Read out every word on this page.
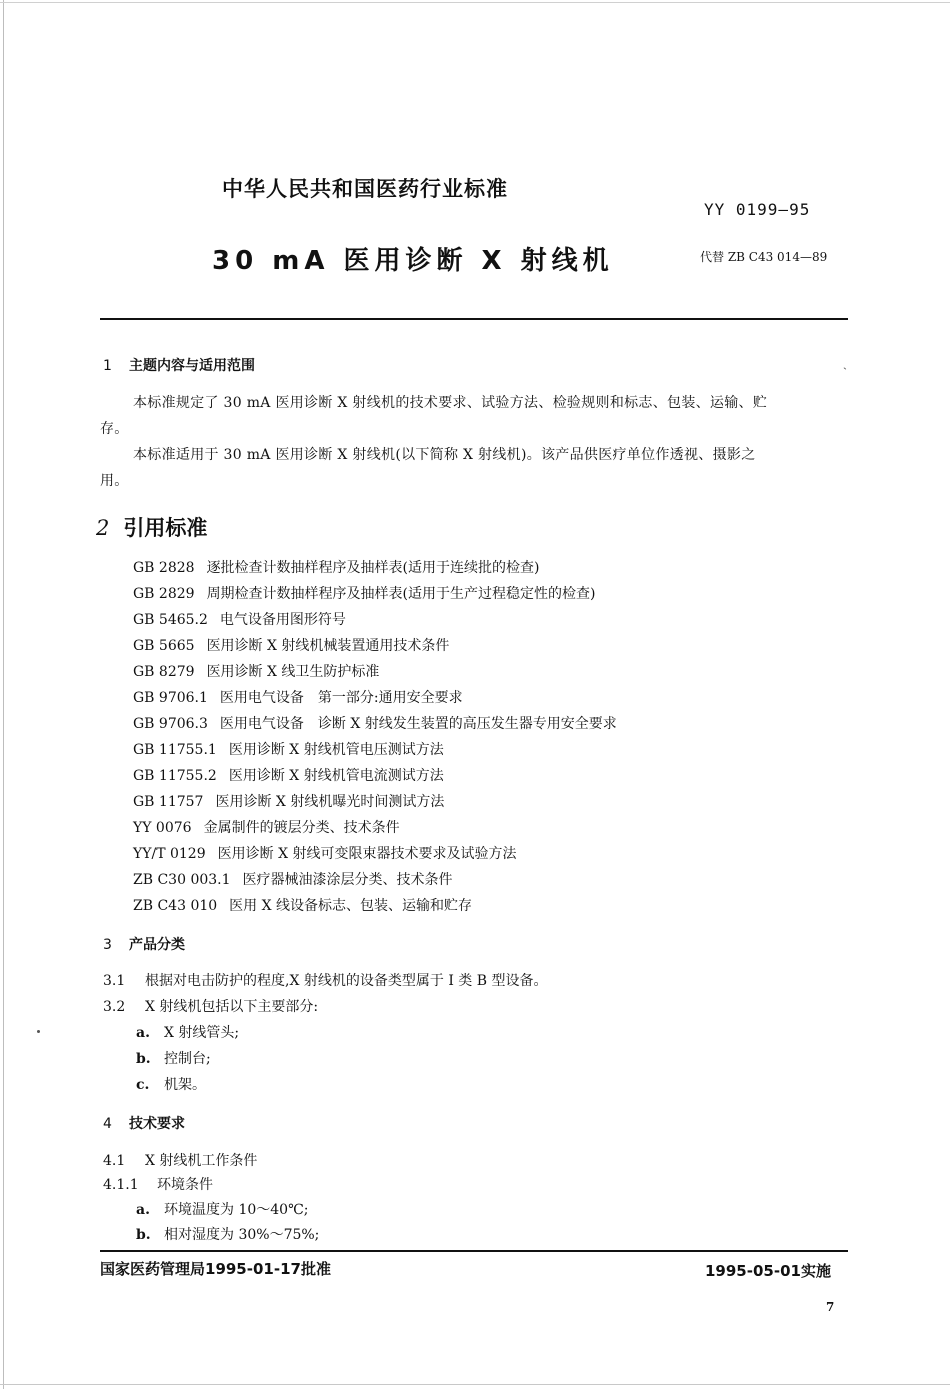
中华人民共和国医药行业标准
YY 0199—95
30 mA 医用诊断 X 射线机	代替 ZB C43 014—89
1 主题内容与适用范围	ˏ
本标准规定了 30 mA 医用诊断 X 射线机的技术要求、试验方法、检验规则和标志、包装、运输、贮
存。
本标准适用于 30 mA 医用诊断 X 射线机(以下简称 X 射线机)。该产品供医疗单位作透视、摄影之
用。
2 引用标准
GB 2828 逐批检查计数抽样程序及抽样表(适用于连续批的检查)
GB 2829 周期检查计数抽样程序及抽样表(适用于生产过程稳定性的检查)
GB 5465.2 电气设备用图形符号
GB 5665 医用诊断 X 射线机械装置通用技术条件
GB 8279 医用诊断 X 线卫生防护标准
GB 9706.1 医用电气设备　第一部分:通用安全要求
GB 9706.3 医用电气设备　诊断 X 射线发生装置的高压发生器专用安全要求
GB 11755.1 医用诊断 X 射线机管电压测试方法
GB 11755.2 医用诊断 X 射线机管电流测试方法
GB 11757 医用诊断 X 射线机曝光时间测试方法
YY 0076 金属制件的镀层分类、技术条件
YY/T 0129 医用诊断 X 射线可变限束器技术要求及试验方法
ZB C30 003.1 医疗器械油漆涂层分类、技术条件
ZB C43 010 医用 X 线设备标志、包装、运输和贮存
3 产品分类
3.1 根据对电击防护的程度,X 射线机的设备类型属于 I 类 B 型设备。
3.2 X 射线机包括以下主要部分:
a. X 射线管头;
b. 控制台;
c. 机架。
4 技术要求
4.1 X 射线机工作条件
4.1.1 环境条件
a. 环境温度为 10～40℃;
b. 相对湿度为 30%～75%;
国家医药管理局1995-01-17批准	1995-05-01实施
7
